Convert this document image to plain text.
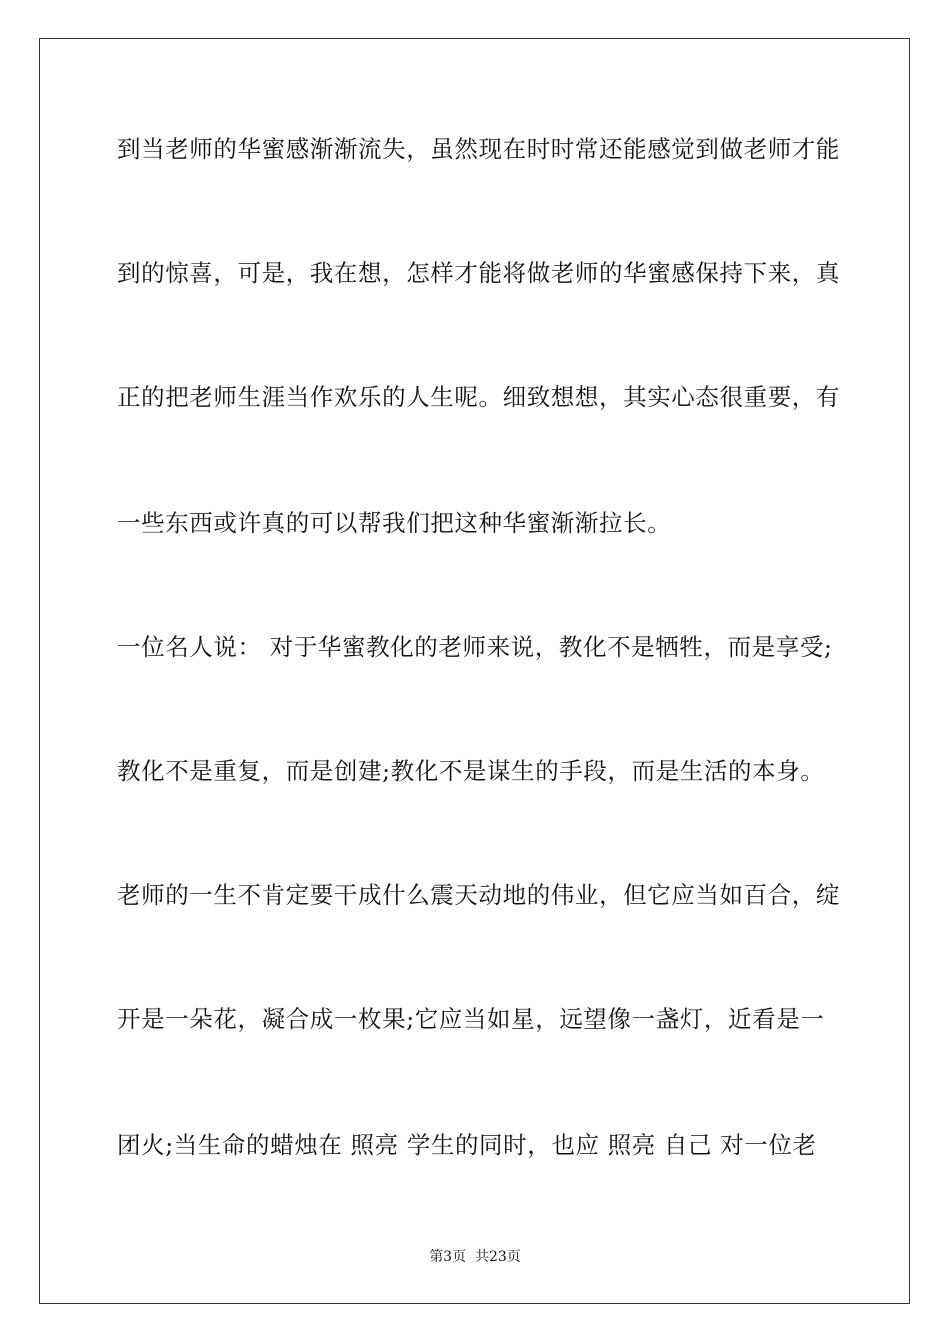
到当老师的华蜜感渐渐流失，虽然现在时时常还能感觉到做老师才能
到的惊喜，可是，我在想，怎样才能将做老师的华蜜感保持下来，真
正的把老师生涯当作欢乐的人生呢。细致想想，其实心态很重要，有
一些东西或许真的可以帮我们把这种华蜜渐渐拉长。
一位名人说： 对于华蜜教化的老师来说，教化不是牺牲，而是享受;
教化不是重复，而是创建;教化不是谋生的手段，而是生活的本身。
老师的一生不肯定要干成什么震天动地的伟业，但它应当如百合，绽
开是一朵花，凝合成一枚果;它应当如星，远望像一盏灯，近看是一
团火;当生命的蜡烛在 照亮 学生的同时，也应 照亮 自己 对一位老
第3页  共23页
